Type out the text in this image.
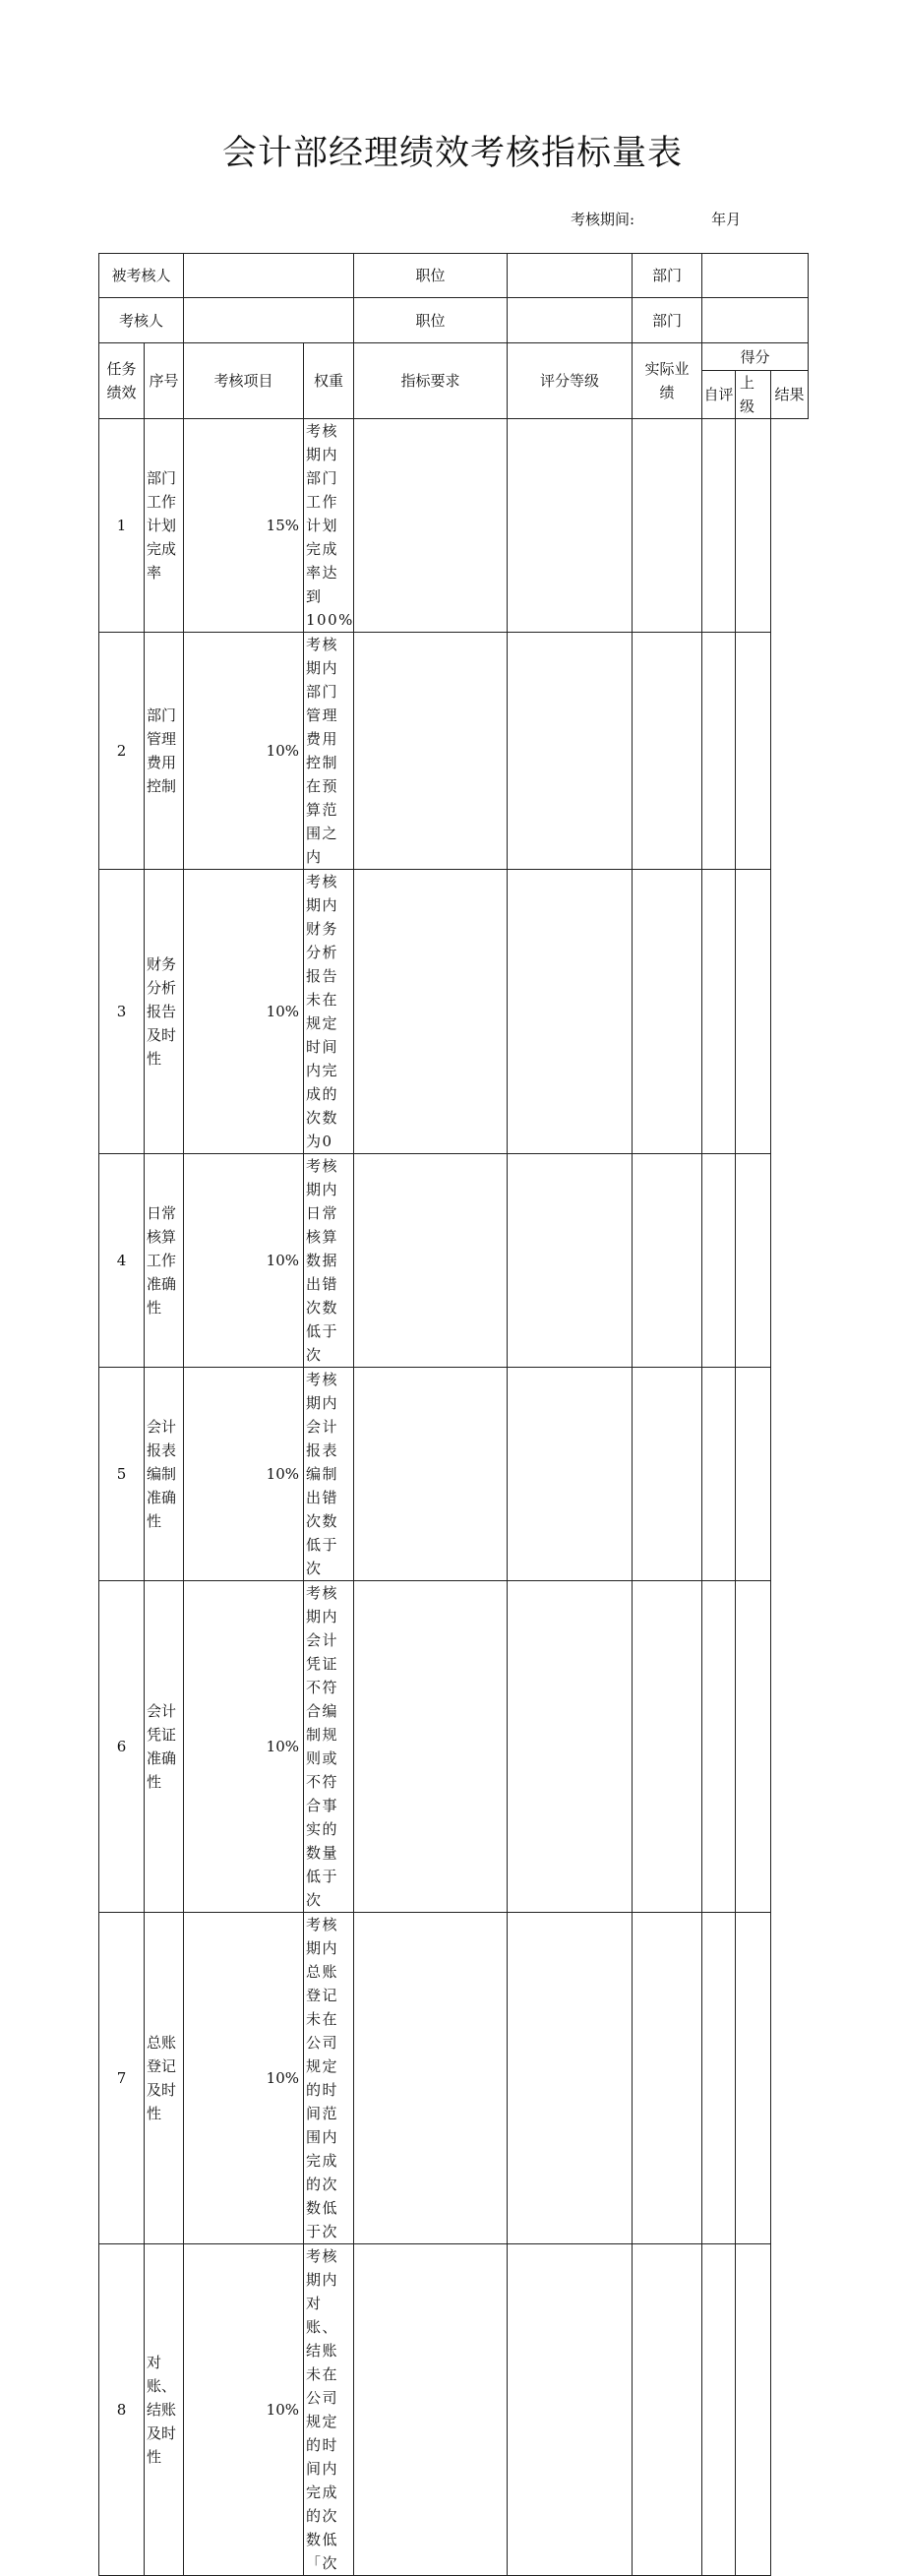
会计部经理绩效考核指标量表
考核期间:	年月
被考核人				职位		部门			
考核人				职位		部门			
任务绩效	序号	考核项目	权重	指标要求	评分等级	实际业绩	得分		
							自评	上级	结果
1	部门工作计划完成率	15%	考核期内部门工作计划完成率达到100%						
2	部门管理费用控制	10%	考核期内部门管理费用控制在预算范围之内						
3	财务分析报告及时性	10%	考核期内财务分析报告未在规定时间内完成的次数为0						
4	日常核算工作准确性	10%	考核期内日常核算数据出错次数低于次						
5	会计报表编制准确性	10%	考核期内会计报表编制出错次数低于次						
6	会计凭证准确性	10%	考核期内会计凭证不符合编制规则或不符合事实的数量低于次						
7	总账登记及时性	10%	考核期内总账登记未在公司规定的时间范围内完成的次数低于次						
8	对账、结账及时性	10%	考核期内对账、结账未在公司规定的时间内完成的次数低「次						
